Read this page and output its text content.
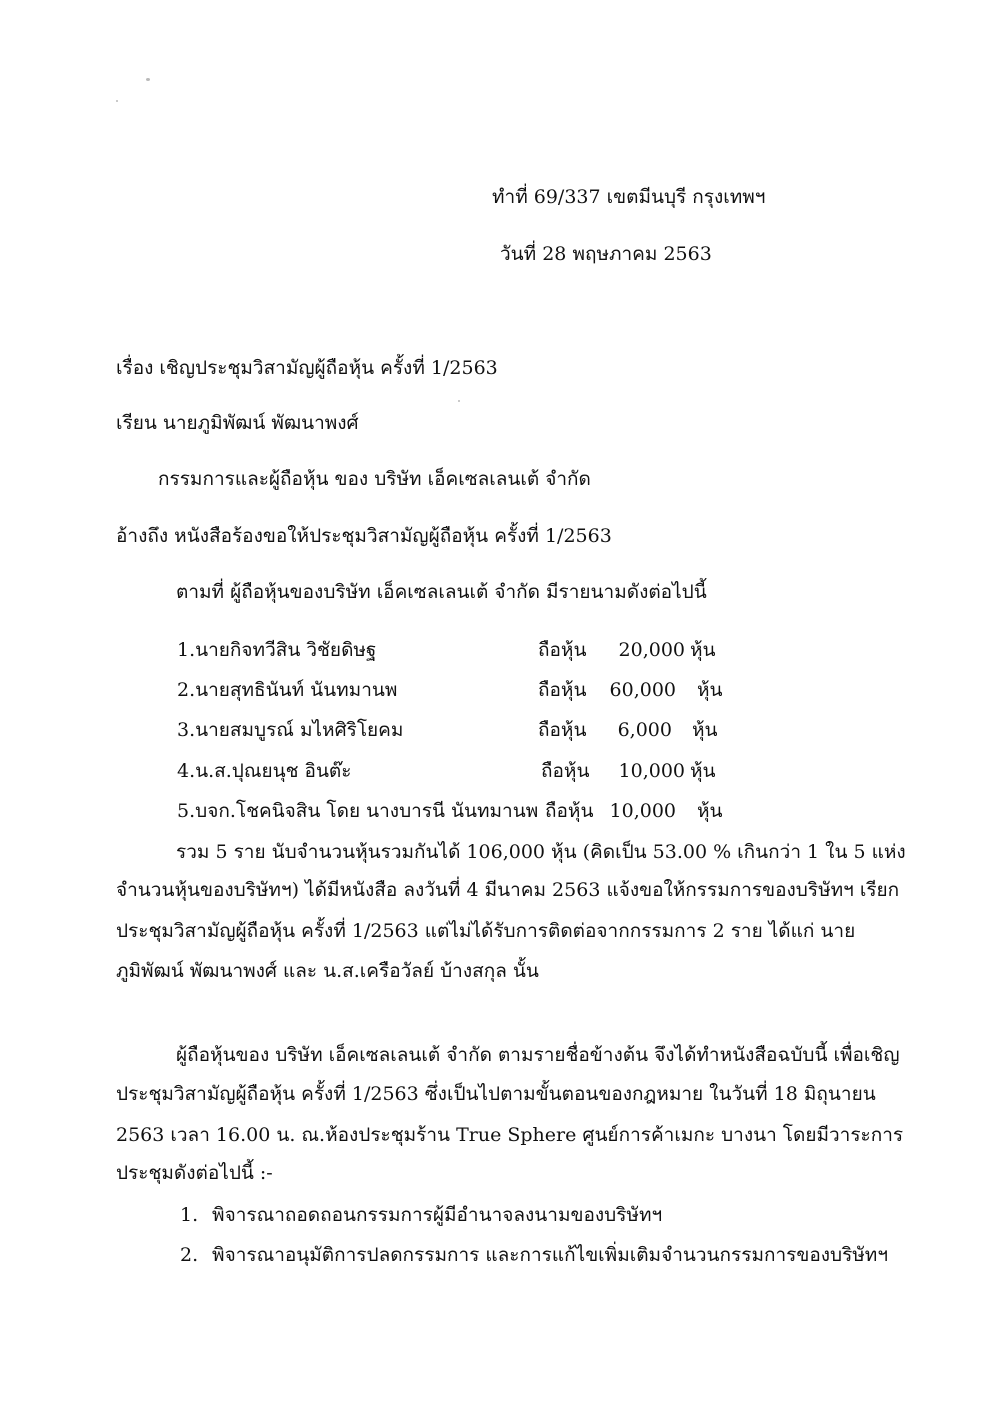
ทำที่ 69/337 เขตมีนบุรี กรุงเทพฯ
วันที่ 28 พฤษภาคม 2563
เรื่อง เชิญประชุมวิสามัญผู้ถือหุ้น ครั้งที่ 1/2563
เรียน นายภูมิพัฒน์ พัฒนาพงศ์
กรรมการและผู้ถือหุ้น ของ บริษัท เอ็คเซลเลนเต้ จำกัด
อ้างถึง หนังสือร้องขอให้ประชุมวิสามัญผู้ถือหุ้น ครั้งที่ 1/2563
ตามที่ ผู้ถือหุ้นของบริษัท เอ็คเซลเลนเต้ จำกัด มีรายนามดังต่อไปนี้
1.นายกิจทวีสิน วิชัยดิษฐ	ถือหุ้น	20,000 หุ้น
2.นายสุทธินันท์ นันทมานพ	ถือหุ้น	60,000 หุ้น
3.นายสมบูรณ์ มไหศิริโยคม	ถือหุ้น	6,000 หุ้น
4.น.ส.ปุณยนุช อินต๊ะ	ถือหุ้น	10,000 หุ้น
5.บจก.โชคนิจสิน โดย นางบารนี นันทมานพ ถือหุ้น 10,000 หุ้น
รวม 5 ราย นับจำนวนหุ้นรวมกันได้ 106,000 หุ้น (คิดเป็น 53.00 % เกินกว่า 1 ใน 5 แห่ง
จำนวนหุ้นของบริษัทฯ) ได้มีหนังสือ ลงวันที่ 4 มีนาคม 2563 แจ้งขอให้กรรมการของบริษัทฯ เรียก
ประชุมวิสามัญผู้ถือหุ้น ครั้งที่ 1/2563 แต่ไม่ได้รับการติดต่อจากกรรมการ 2 ราย ได้แก่ นาย
ภูมิพัฒน์ พัฒนาพงศ์ และ น.ส.เครือวัลย์ บ้างสกุล นั้น
ผู้ถือหุ้นของ บริษัท เอ็คเซลเลนเต้ จำกัด ตามรายชื่อข้างต้น จึงได้ทำหนังสือฉบับนี้ เพื่อเชิญ
ประชุมวิสามัญผู้ถือหุ้น ครั้งที่ 1/2563 ซึ่งเป็นไปตามขั้นตอนของกฎหมาย ในวันที่ 18 มิถุนายน
2563 เวลา 16.00 น. ณ.ห้องประชุมร้าน True Sphere ศูนย์การค้าเมกะ บางนา โดยมีวาระการ
ประชุมดังต่อไปนี้ :-
1. พิจารณาถอดถอนกรรมการผู้มีอำนาจลงนามของบริษัทฯ
2. พิจารณาอนุมัติการปลดกรรมการ และการแก้ไขเพิ่มเติมจำนวนกรรมการของบริษัทฯ
